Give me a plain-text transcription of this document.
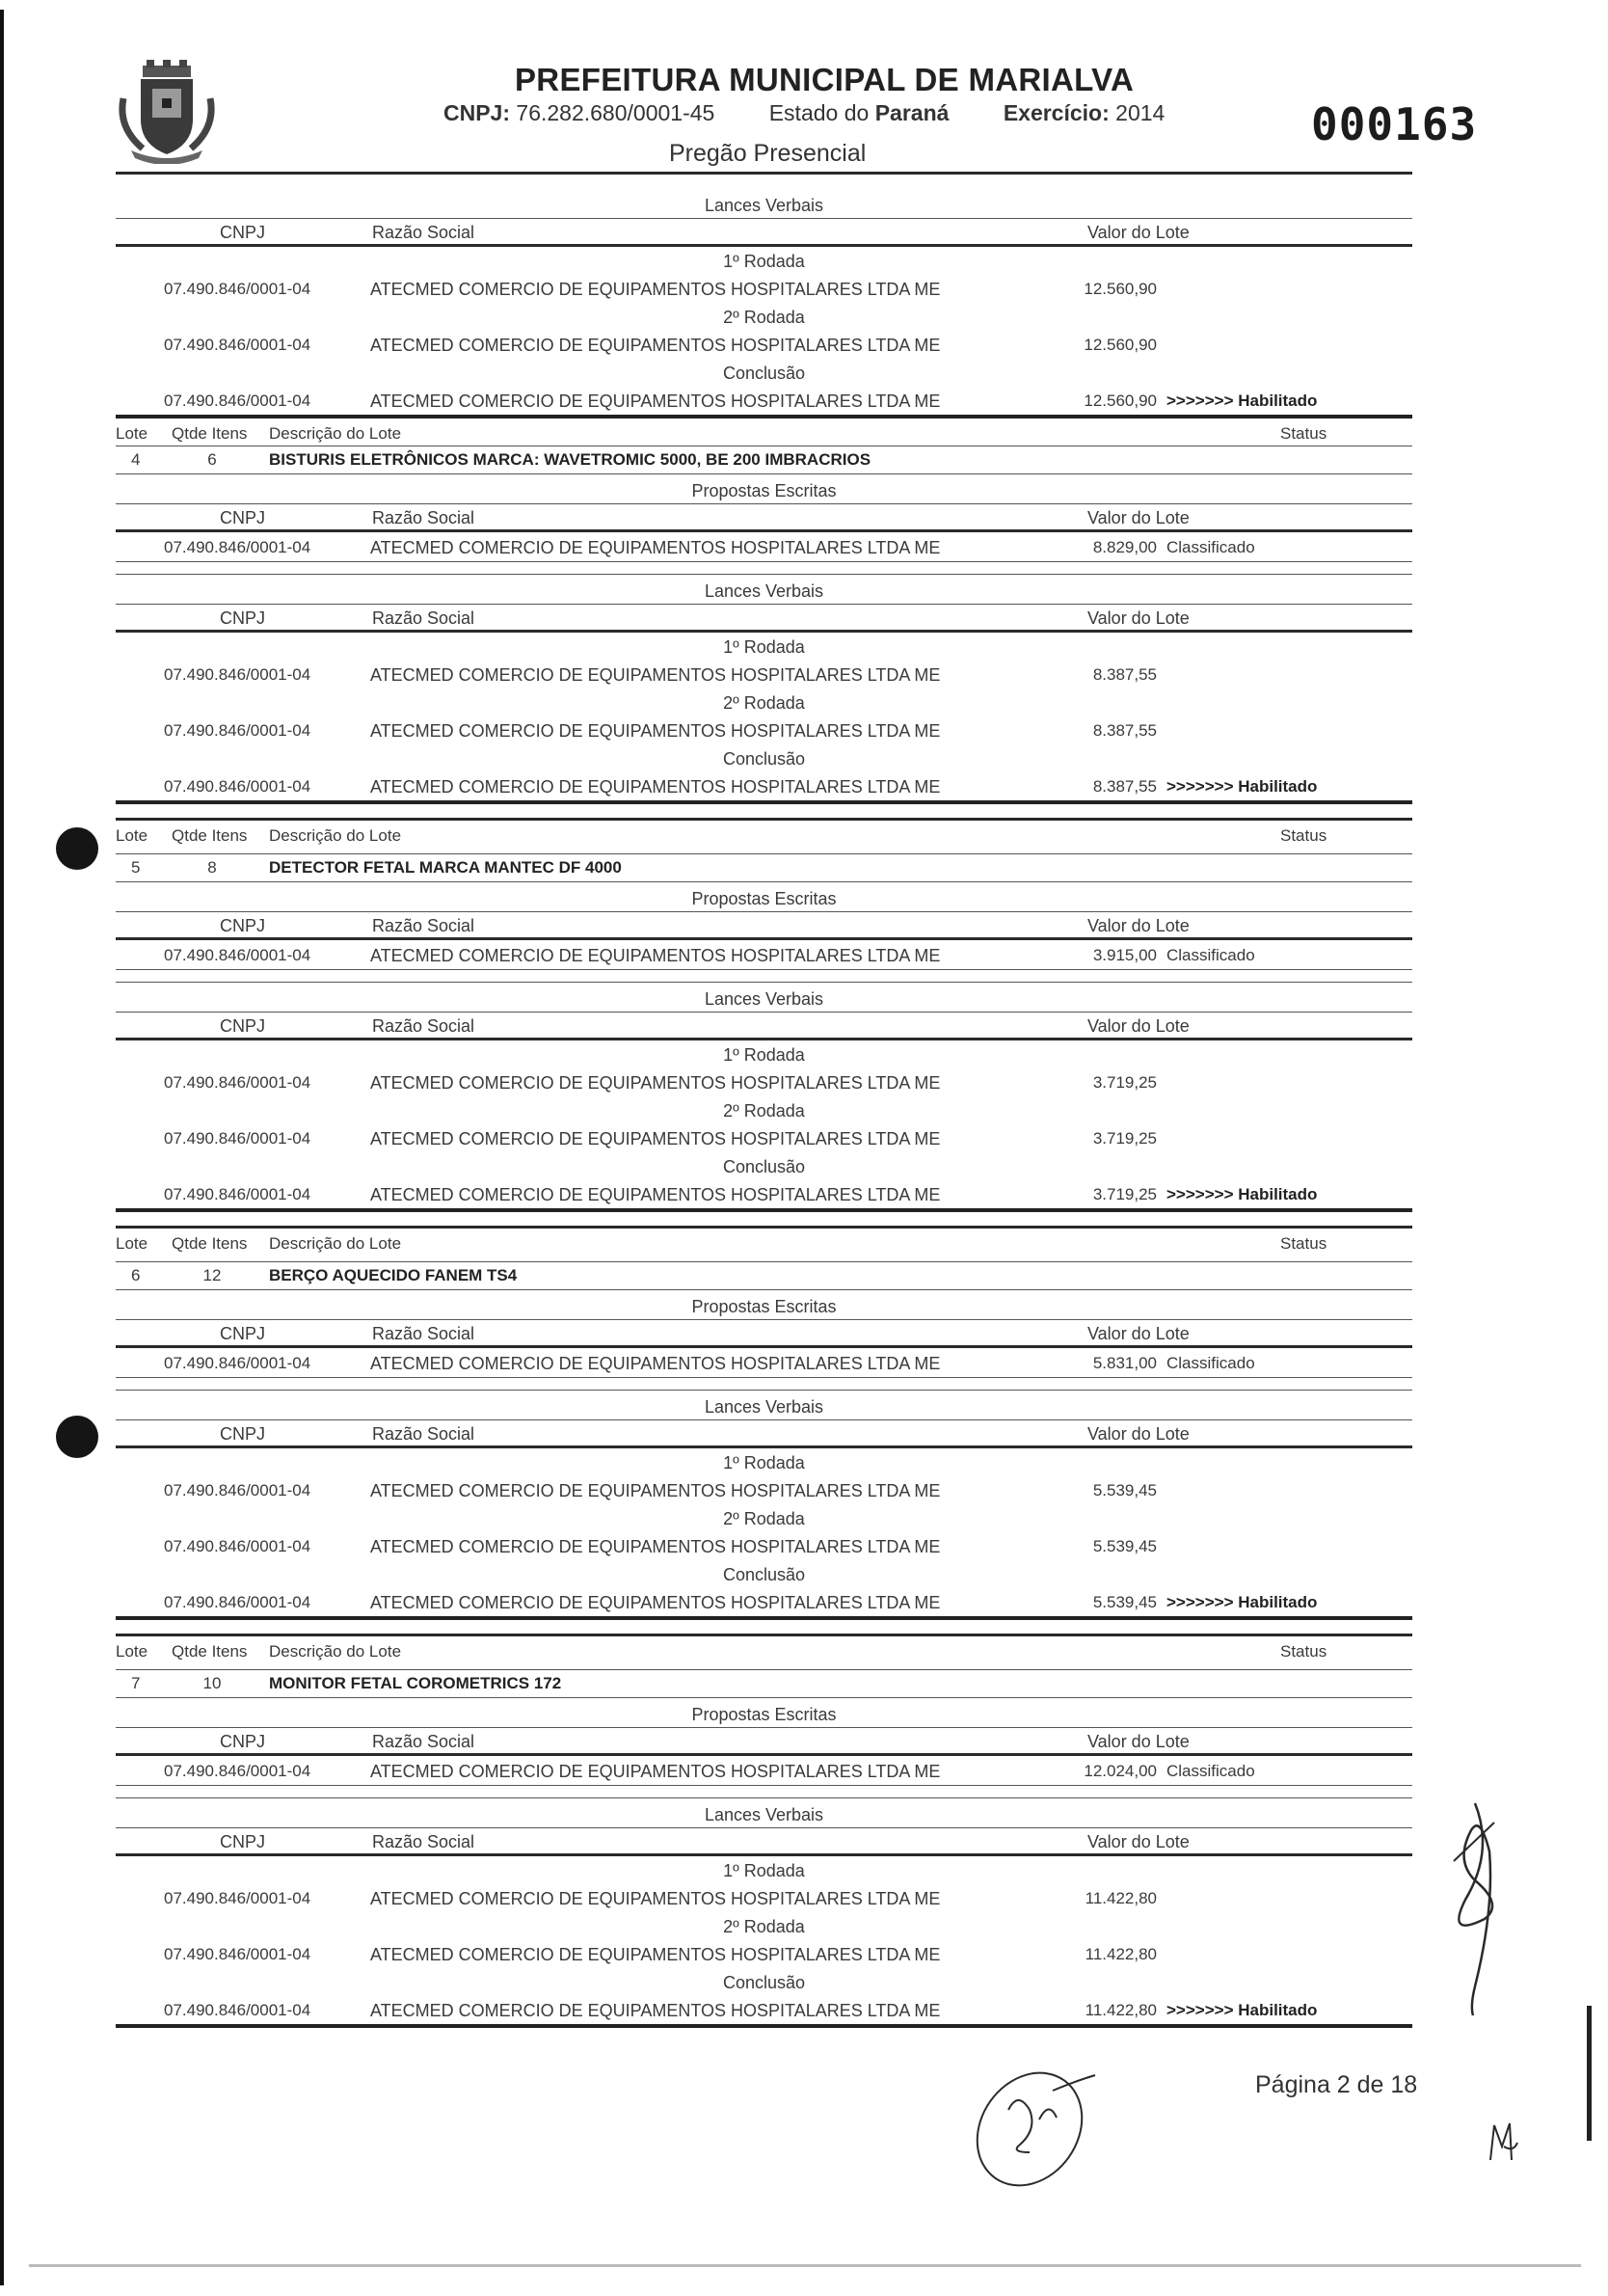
PREFEITURA MUNICIPAL DE MARIALVA
CNPJ: 76.282.680/0001-45 Estado do Paraná Exercício: 2014
Pregão Presencial
000163
Lances Verbais
CNPJ	Razão Social	Valor do Lote
1º Rodada
07.490.846/0001-04	ATECMED COMERCIO DE EQUIPAMENTOS HOSPITALARES LTDA ME	12.560,90
2º Rodada
07.490.846/0001-04	ATECMED COMERCIO DE EQUIPAMENTOS HOSPITALARES LTDA ME	12.560,90
Conclusão
07.490.846/0001-04	ATECMED COMERCIO DE EQUIPAMENTOS HOSPITALARES LTDA ME	12.560,90 >>>>>>> Habilitado
Lote Qtde Itens Descrição do Lote	Status
4	6	BISTURIS ELETRÔNICOS MARCA: WAVETROMIC 5000, BE 200 IMBRACRIOS
Propostas Escritas
CNPJ	Razão Social	Valor do Lote
07.490.846/0001-04	ATECMED COMERCIO DE EQUIPAMENTOS HOSPITALARES LTDA ME	8.829,00 Classificado
Lances Verbais
CNPJ	Razão Social	Valor do Lote
1º Rodada
07.490.846/0001-04	ATECMED COMERCIO DE EQUIPAMENTOS HOSPITALARES LTDA ME	8.387,55
2º Rodada
07.490.846/0001-04	ATECMED COMERCIO DE EQUIPAMENTOS HOSPITALARES LTDA ME	8.387,55
Conclusão
07.490.846/0001-04	ATECMED COMERCIO DE EQUIPAMENTOS HOSPITALARES LTDA ME	8.387,55 >>>>>>> Habilitado
Lote Qtde Itens Descrição do Lote	Status
5	8	DETECTOR FETAL MARCA MANTEC DF 4000
Propostas Escritas
CNPJ	Razão Social	Valor do Lote
07.490.846/0001-04	ATECMED COMERCIO DE EQUIPAMENTOS HOSPITALARES LTDA ME	3.915,00 Classificado
Lances Verbais
CNPJ	Razão Social	Valor do Lote
1º Rodada
07.490.846/0001-04	ATECMED COMERCIO DE EQUIPAMENTOS HOSPITALARES LTDA ME	3.719,25
2º Rodada
07.490.846/0001-04	ATECMED COMERCIO DE EQUIPAMENTOS HOSPITALARES LTDA ME	3.719,25
Conclusão
07.490.846/0001-04	ATECMED COMERCIO DE EQUIPAMENTOS HOSPITALARES LTDA ME	3.719,25 >>>>>>> Habilitado
Lote Qtde Itens Descrição do Lote	Status
6	12	BERÇO AQUECIDO FANEM TS4
Propostas Escritas
CNPJ	Razão Social	Valor do Lote
07.490.846/0001-04	ATECMED COMERCIO DE EQUIPAMENTOS HOSPITALARES LTDA ME	5.831,00 Classificado
Lances Verbais
CNPJ	Razão Social	Valor do Lote
1º Rodada
07.490.846/0001-04	ATECMED COMERCIO DE EQUIPAMENTOS HOSPITALARES LTDA ME	5.539,45
2º Rodada
07.490.846/0001-04	ATECMED COMERCIO DE EQUIPAMENTOS HOSPITALARES LTDA ME	5.539,45
Conclusão
07.490.846/0001-04	ATECMED COMERCIO DE EQUIPAMENTOS HOSPITALARES LTDA ME	5.539,45 >>>>>>> Habilitado
Lote Qtde Itens Descrição do Lote	Status
7	10	MONITOR FETAL COROMETRICS 172
Propostas Escritas
CNPJ	Razão Social	Valor do Lote
07.490.846/0001-04	ATECMED COMERCIO DE EQUIPAMENTOS HOSPITALARES LTDA ME	12.024,00 Classificado
Lances Verbais
CNPJ	Razão Social	Valor do Lote
1º Rodada
07.490.846/0001-04	ATECMED COMERCIO DE EQUIPAMENTOS HOSPITALARES LTDA ME	11.422,80
2º Rodada
07.490.846/0001-04	ATECMED COMERCIO DE EQUIPAMENTOS HOSPITALARES LTDA ME	11.422,80
Conclusão
07.490.846/0001-04	ATECMED COMERCIO DE EQUIPAMENTOS HOSPITALARES LTDA ME	11.422,80 >>>>>>> Habilitado
Página 2 de 18
